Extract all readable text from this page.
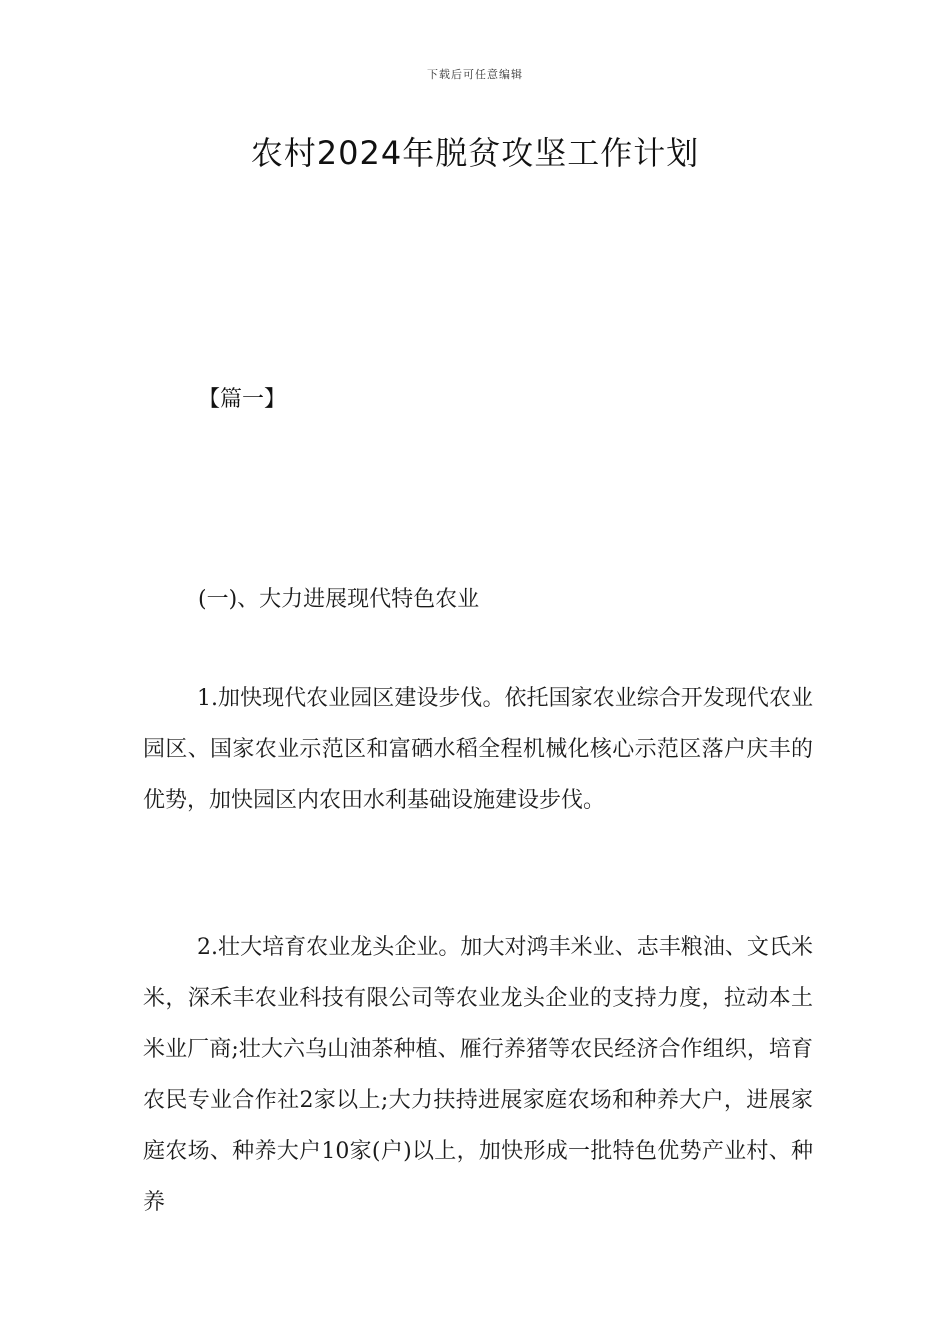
下载后可任意编辑
农村2024年脱贫攻坚工作计划
【篇一】
(一)、大力进展现代特色农业

1.加快现代农业园区建设步伐。依托国家农业综合开发现代农业园区、国家农业示范区和富硒水稻全程机械化核心示范区落户庆丰的优势，加快园区内农田水利基础设施建设步伐。

2.壮大培育农业龙头企业。加大对鸿丰米业、志丰粮油、文氏米米，深禾丰农业科技有限公司等农业龙头企业的支持力度，拉动本土米业厂商;壮大六乌山油茶种植、雁行养猪等农民经济合作组织，培育农民专业合作社2家以上;大力扶持进展家庭农场和种养大户，进展家庭农场、种养大户10家(户)以上，加快形成一批特色优势产业村、种养
